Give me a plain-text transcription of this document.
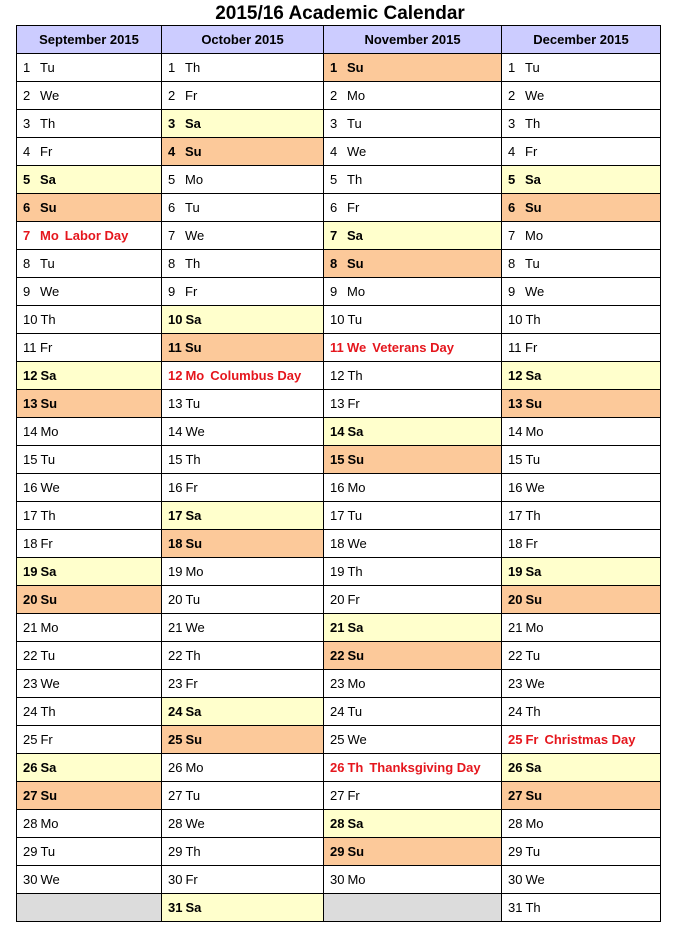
2015/16 Academic Calendar
September 2015	October 2015	November 2015	December 2015
1 Tu	1 Th	1 Su	1 Tu
2 We	2 Fr	2 Mo	2 We
3 Th	3 Sa	3 Tu	3 Th
4 Fr	4 Su	4 We	4 Fr
5 Sa	5 Mo	5 Th	5 Sa
6 Su	6 Tu	6 Fr	6 Su
7 Mo Labor Day	7 We	7 Sa	7 Mo
8 Tu	8 Th	8 Su	8 Tu
9 We	9 Fr	9 Mo	9 We
10 Th	10 Sa	10 Tu	10 Th
11 Fr	11 Su	11 We Veterans Day	11 Fr
12 Sa	12 Mo Columbus Day	12 Th	12 Sa
13 Su	13 Tu	13 Fr	13 Su
14 Mo	14 We	14 Sa	14 Mo
15 Tu	15 Th	15 Su	15 Tu
16 We	16 Fr	16 Mo	16 We
17 Th	17 Sa	17 Tu	17 Th
18 Fr	18 Su	18 We	18 Fr
19 Sa	19 Mo	19 Th	19 Sa
20 Su	20 Tu	20 Fr	20 Su
21 Mo	21 We	21 Sa	21 Mo
22 Tu	22 Th	22 Su	22 Tu
23 We	23 Fr	23 Mo	23 We
24 Th	24 Sa	24 Tu	24 Th
25 Fr	25 Su	25 We	25 Fr Christmas Day
26 Sa	26 Mo	26 Th Thanksgiving Day	26 Sa
27 Su	27 Tu	27 Fr	27 Su
28 Mo	28 We	28 Sa	28 Mo
29 Tu	29 Th	29 Su	29 Tu
30 We	30 Fr	30 Mo	30 We
	31 Sa		31 Th
